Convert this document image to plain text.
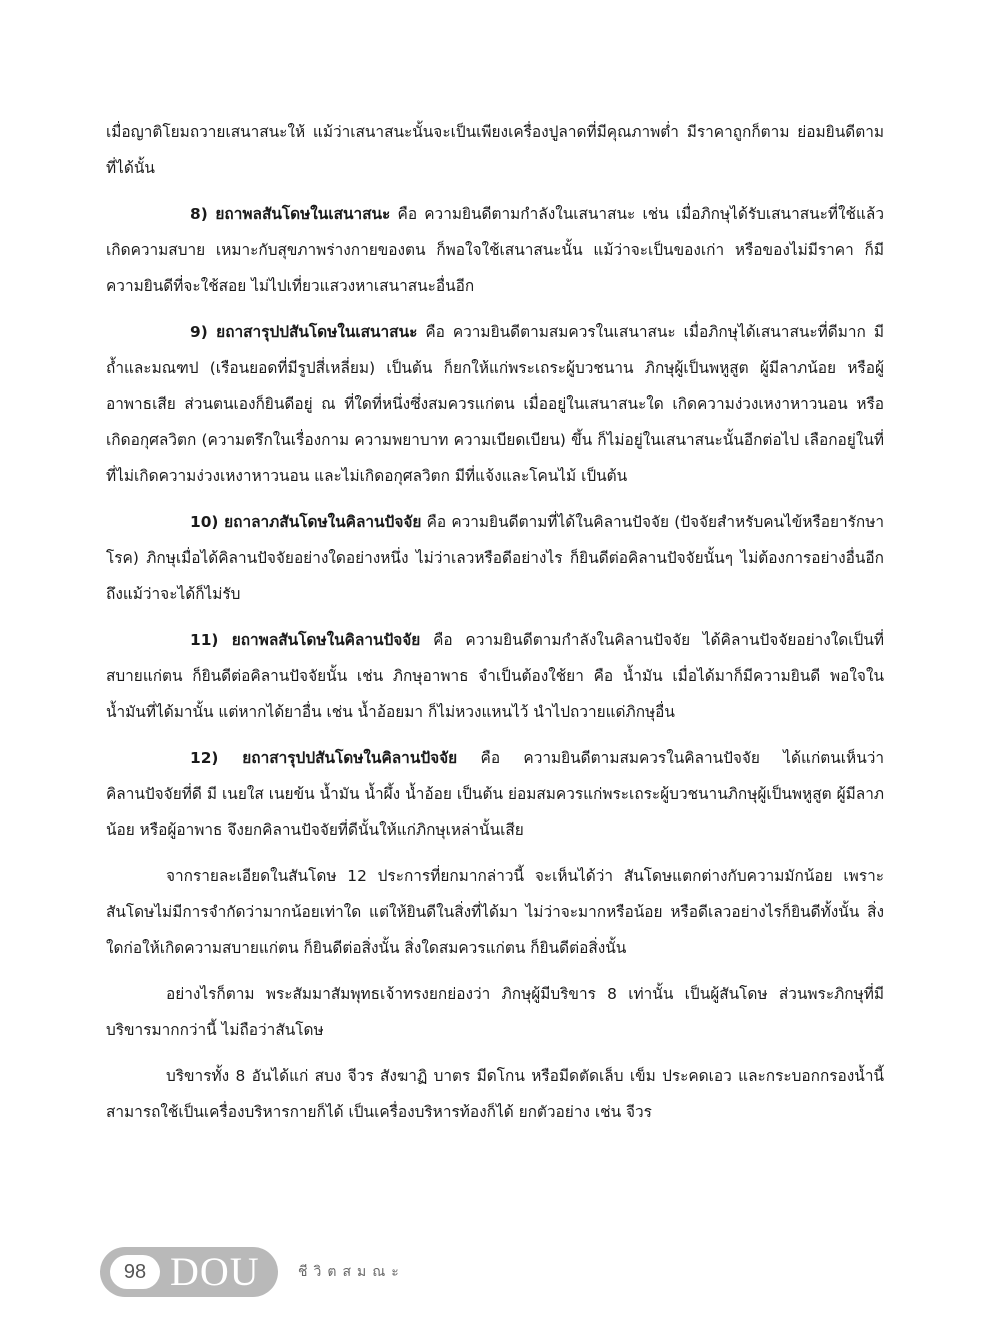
เมื่อญาติโยมถวายเสนาสนะให้ แม้ว่าเสนาสนะนั้นจะเป็นเพียงเครื่องปูลาดที่มีคุณภาพต่ำ มีราคาถูกก็ตาม ย่อมยินดีตามที่ได้นั้น

8) ยถาพลสันโดษในเสนาสนะ คือ ความยินดีตามกำลังในเสนาสนะ เช่น เมื่อภิกษุได้รับเสนาสนะที่ใช้แล้วเกิดความสบาย เหมาะกับสุขภาพร่างกายของตน ก็พอใจใช้เสนาสนะนั้น แม้ว่าจะเป็นของเก่า หรือของไม่มีราคา ก็มีความยินดีที่จะใช้สอย ไม่ไปเที่ยวแสวงหาเสนาสนะอื่นอีก

9) ยถาสารุปปสันโดษในเสนาสนะ คือ ความยินดีตามสมควรในเสนาสนะ เมื่อภิกษุได้เสนาสนะที่ดีมาก มีถ้ำและมณฑป (เรือนยอดที่มีรูปสี่เหลี่ยม) เป็นต้น ก็ยกให้แก่พระเถระผู้บวชนาน ภิกษุผู้เป็นพหูสูต ผู้มีลาภน้อย หรือผู้อาพาธเสีย ส่วนตนเองก็ยินดีอยู่ ณ ที่ใดที่หนึ่งซึ่งสมควรแก่ตน เมื่ออยู่ในเสนาสนะใด เกิดความง่วงเหงาหาวนอน หรือเกิดอกุศลวิตก (ความตรึกในเรื่องกาม ความพยาบาท ความเบียดเบียน) ขึ้น ก็ไม่อยู่ในเสนาสนะนั้นอีกต่อไป เลือกอยู่ในที่ที่ไม่เกิดความง่วงเหงาหาวนอน และไม่เกิดอกุศลวิตก มีที่แจ้งและโคนไม้ เป็นต้น

10) ยถาลาภสันโดษในคิลานปัจจัย คือ ความยินดีตามที่ได้ในคิลานปัจจัย (ปัจจัยสำหรับคนไข้หรือยารักษาโรค) ภิกษุเมื่อได้คิลานปัจจัยอย่างใดอย่างหนึ่ง ไม่ว่าเลวหรือดีอย่างไร ก็ยินดีต่อคิลานปัจจัยนั้นๆ ไม่ต้องการอย่างอื่นอีก ถึงแม้ว่าจะได้ก็ไม่รับ

11) ยถาพลสันโดษในคิลานปัจจัย คือ ความยินดีตามกำลังในคิลานปัจจัย ได้คิลานปัจจัยอย่างใดเป็นที่สบายแก่ตน ก็ยินดีต่อคิลานปัจจัยนั้น เช่น ภิกษุอาพาธ จำเป็นต้องใช้ยา คือ น้ำมัน เมื่อได้มาก็มีความยินดี พอใจในน้ำมันที่ได้มานั้น แต่หากได้ยาอื่น เช่น น้ำอ้อยมา ก็ไม่หวงแหนไว้ นำไปถวายแด่ภิกษุอื่น

12) ยถาสารุปปสันโดษในคิลานปัจจัย คือ ความยินดีตามสมควรในคิลานปัจจัย ได้แก่ตนเห็นว่าคิลานปัจจัยที่ดี มี เนยใส เนยข้น น้ำมัน น้ำผึ้ง น้ำอ้อย เป็นต้น ย่อมสมควรแก่พระเถระผู้บวชนานภิกษุผู้เป็นพหูสูต ผู้มีลาภน้อย หรือผู้อาพาธ จึงยกคิลานปัจจัยที่ดีนั้นให้แก่ภิกษุเหล่านั้นเสีย

จากรายละเอียดในสันโดษ 12 ประการที่ยกมากล่าวนี้ จะเห็นได้ว่า สันโดษแตกต่างกับความมักน้อย เพราะสันโดษไม่มีการจำกัดว่ามากน้อยเท่าใด แต่ให้ยินดีในสิ่งที่ได้มา ไม่ว่าจะมากหรือน้อย หรือดีเลวอย่างไรก็ยินดีทั้งนั้น สิ่งใดก่อให้เกิดความสบายแก่ตน ก็ยินดีต่อสิ่งนั้น สิ่งใดสมควรแก่ตน ก็ยินดีต่อสิ่งนั้น

อย่างไรก็ตาม พระสัมมาสัมพุทธเจ้าทรงยกย่องว่า ภิกษุผู้มีบริขาร 8 เท่านั้น เป็นผู้สันโดษ ส่วนพระภิกษุที่มีบริขารมากกว่านี้ ไม่ถือว่าสันโดษ

บริขารทั้ง 8 อันได้แก่ สบง จีวร สังฆาฏิ บาตร มีดโกน หรือมีดตัดเล็บ เข็ม ประคดเอว และกระบอกกรองน้ำนี้ สามารถใช้เป็นเครื่องบริหารกายก็ได้ เป็นเครื่องบริหารท้องก็ได้ ยกตัวอย่าง เช่น จีวร

98 DOU	ชีวิตสมณะ
